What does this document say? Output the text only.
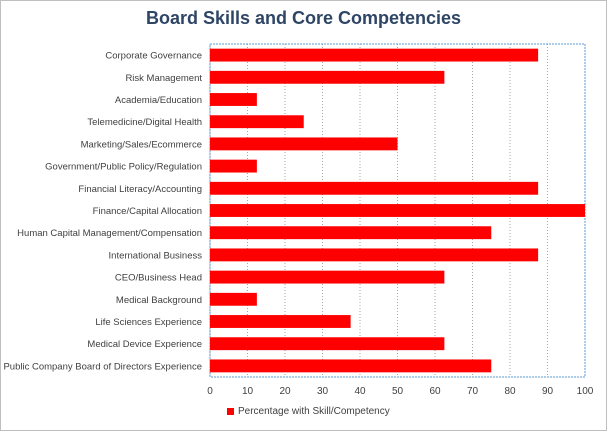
Board Skills and Core Competencies
Corporate Governance
Risk Management
Academia/Education
Telemedicine/Digital Health
Marketing/Sales/Ecommerce
Government/Public Policy/Regulation
Financial Literacy/Accounting
Finance/Capital Allocation
Human Capital Management/Compensation
International Business
CEO/Business Head
Medical Background
Life Sciences Experience
Medical Device Experience
Public Company Board of Directors Experience
0	10	20	30	40	50	60	70	80	90 100
Percentage with Skill/Competency
